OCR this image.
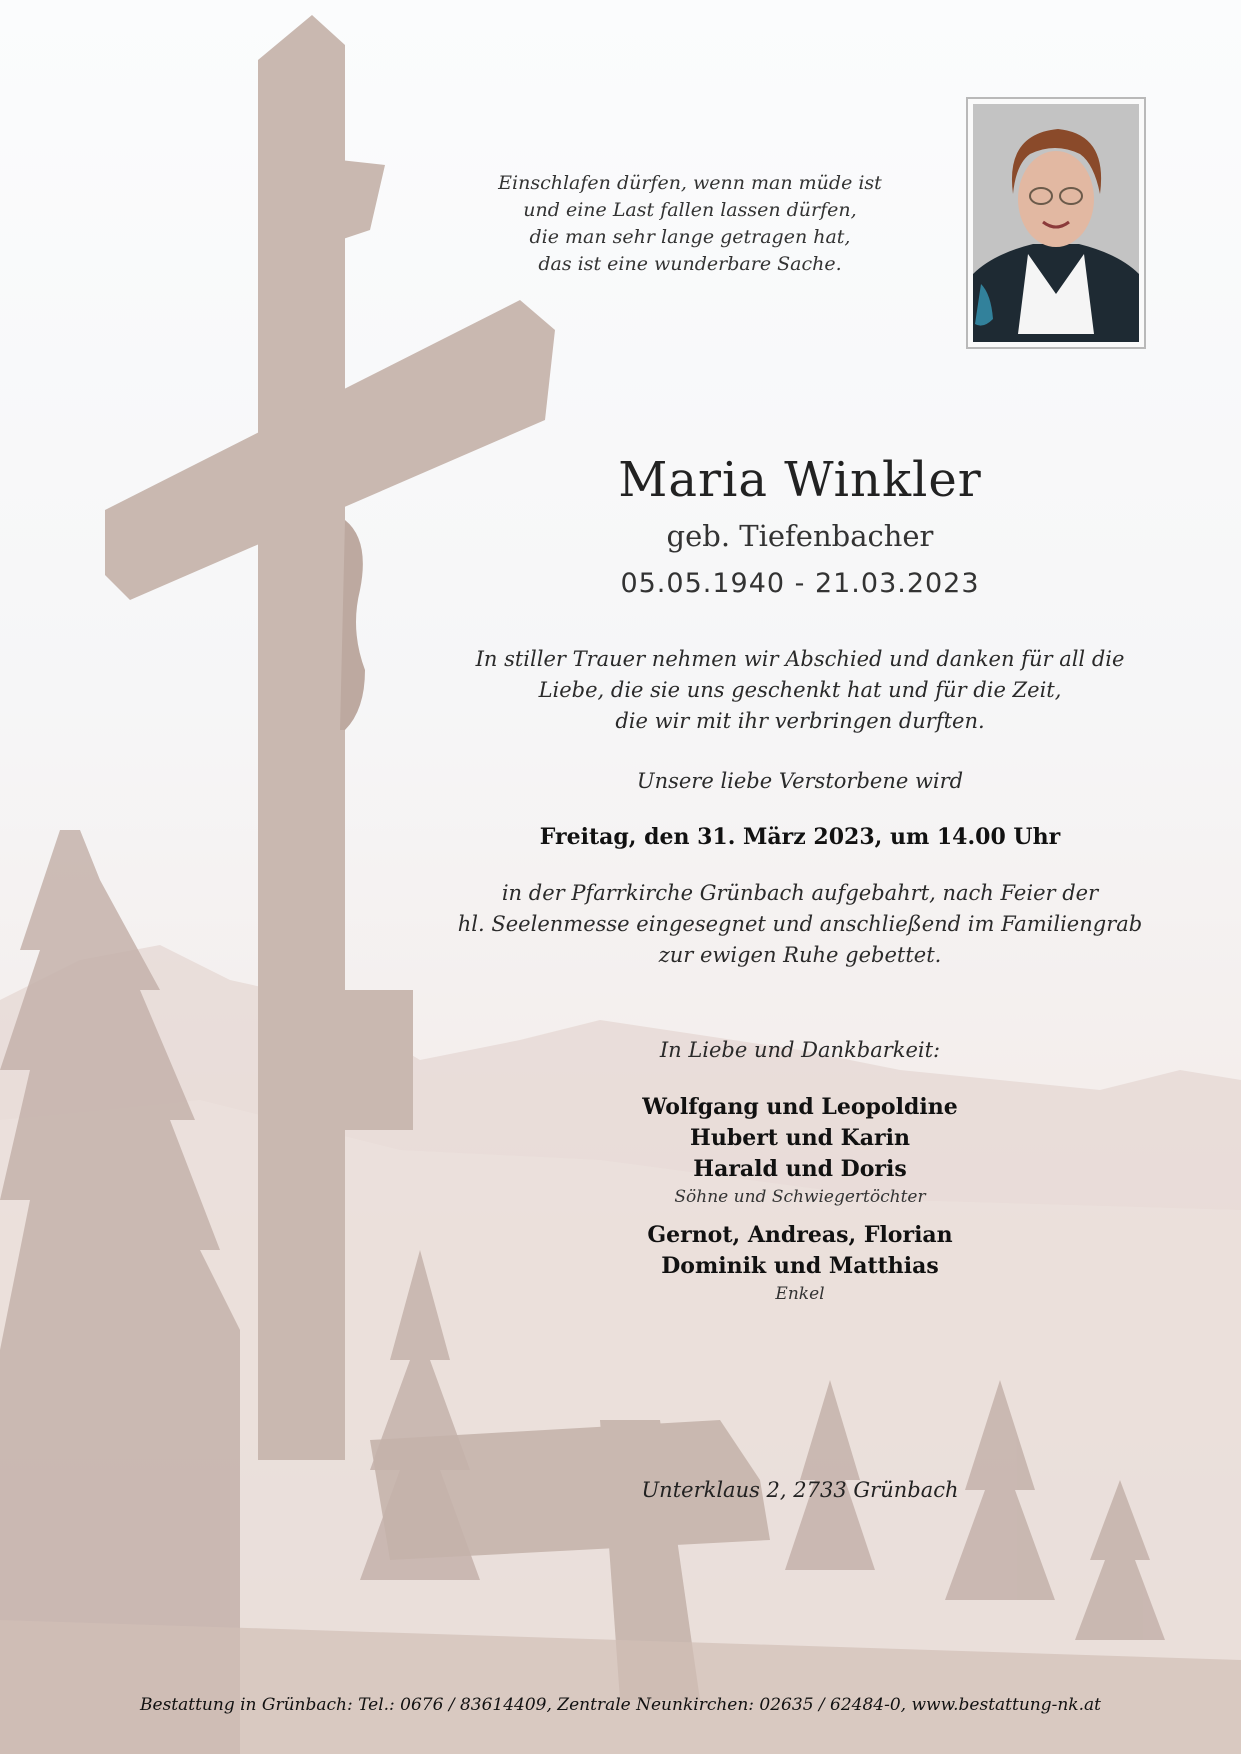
Einschlafen dürfen, wenn man müde ist
und eine Last fallen lassen dürfen,
die man sehr lange getragen hat,
das ist eine wunderbare Sache.
Maria Winkler
geb. Tiefenbacher
05.05.1940 - 21.03.2023
In stiller Trauer nehmen wir Abschied und danken für all die
Liebe, die sie uns geschenkt hat und für die Zeit,
die wir mit ihr verbringen durften.
Unsere liebe Verstorbene wird
Freitag, den 31. März 2023, um 14.00 Uhr
in der Pfarrkirche Grünbach aufgebahrt, nach Feier der
hl. Seelenmesse eingesegnet und anschließend im Familiengrab
zur ewigen Ruhe gebettet.
In Liebe und Dankbarkeit:
Wolfgang und Leopoldine
Hubert und Karin
Harald und Doris
Söhne und Schwiegertöchter
Gernot, Andreas, Florian
Dominik und Matthias
Enkel
Unterklaus 2, 2733 Grünbach
Bestattung in Grünbach: Tel.: 0676 / 83614409, Zentrale Neunkirchen: 02635 / 62484-0, www.bestattung-nk.at
